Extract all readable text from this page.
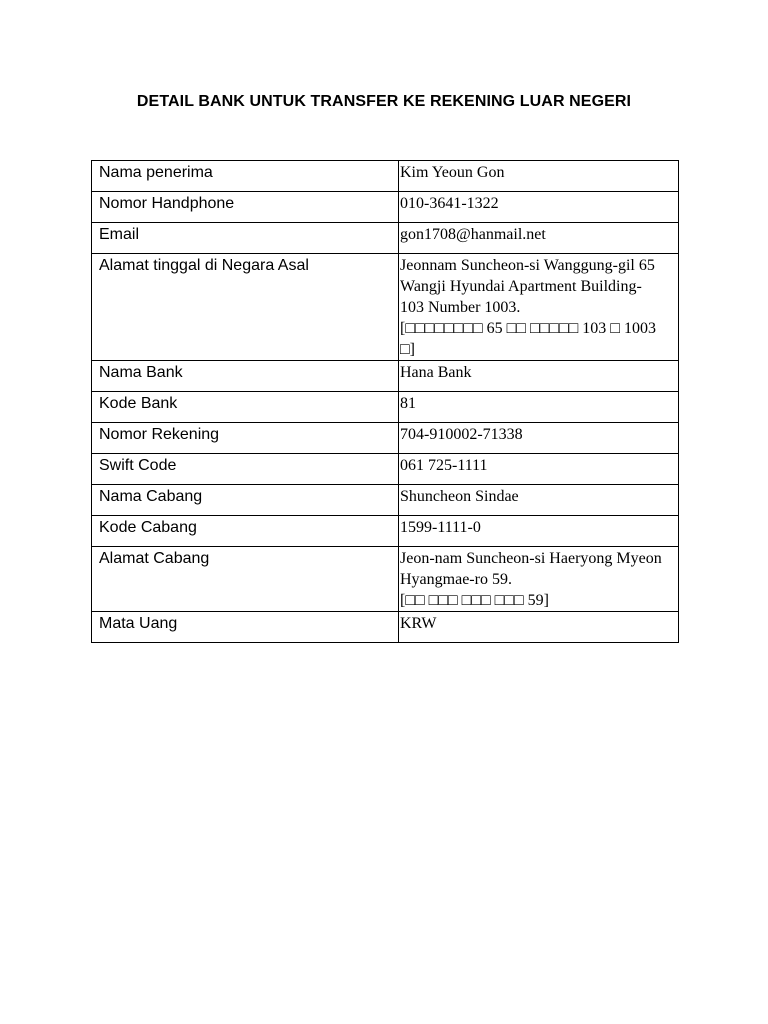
DETAIL BANK UNTUK TRANSFER KE REKENING LUAR NEGERI
Nama penerima	Kim Yeoun Gon
Nomor Handphone	010-3641-1322
Email	gon1708@hanmail.net
Alamat tinggal di Negara Asal	Jeonnam Suncheon-si Wanggung-gil 65
Wangji Hyundai Apartment Building-
103 Number 1003.
[□□□□□□□□ 65 □□ □□□□□ 103 □ 1003
□]
Nama Bank	Hana Bank
Kode Bank	81
Nomor Rekening	704-910002-71338
Swift Code	061 725-1111
Nama Cabang	Shuncheon Sindae
Kode Cabang	1599-1111-0
Alamat Cabang	Jeon-nam Suncheon-si Haeryong Myeon
Hyangmae-ro 59.
[□□ □□□ □□□ □□□ 59]
Mata Uang	KRW
